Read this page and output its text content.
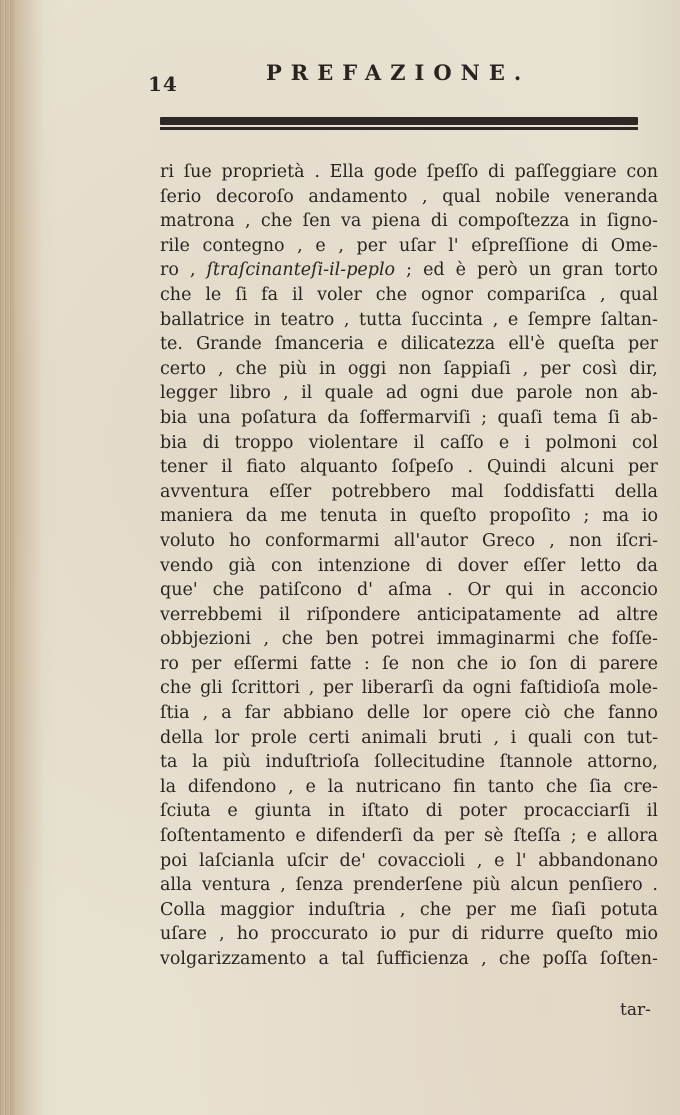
14	PREFAZIONE.
ri ſue proprietà . Ella gode ſpeſſo di paſſeggiare con
ſerio decoroſo andamento , qual nobile veneranda
matrona , che ſen va piena di compoſtezza in ſigno-
rile contegno , e , per uſar l' eſpreſſione di Ome-
ro , ſtraſcinanteſi-il-peplo ; ed è però un gran torto
che le ſi fa il voler che ognor compariſca , qual
ballatrice in teatro , tutta ſuccinta , e ſempre ſaltan-
te. Grande ſmanceria e dilicatezza ell'è queſta per
certo , che più in oggi non ſappiaſi , per così dir,
legger libro , il quale ad ogni due parole non ab-
bia una poſatura da ſoffermarviſi ; quaſi tema ſi ab-
bia di troppo violentare il caſſo e i polmoni col
tener il fiato alquanto ſoſpeſo . Quindi alcuni per
avventura eſſer potrebbero mal ſoddisfatti della
maniera da me tenuta in queſto propoſito ; ma io
voluto ho conformarmi all'autor Greco , non iſcri-
vendo già con intenzione di dover eſſer letto da
que' che patiſcono d' aſma . Or qui in acconcio
verrebbemi il riſpondere anticipatamente ad altre
obbjezioni , che ben potrei immaginarmi che foſſe-
ro per eſſermi fatte : ſe non che io ſon di parere
che gli ſcrittori , per liberarſi da ogni faſtidioſa mole-
ſtia , a far abbiano delle lor opere ciò che fanno
della lor prole certi animali bruti , i quali con tut-
ta la più induſtrioſa ſollecitudine ſtannole attorno,
la difendono , e la nutricano fin tanto che ſia cre-
ſciuta e giunta in iſtato di poter procacciarſi il
ſoſtentamento e difenderſi da per sè ſteſſa ; e allora
poi laſcianla uſcir de' covaccioli , e l' abbandonano
alla ventura , ſenza prenderſene più alcun penſiero .
Colla maggior induſtria , che per me ſiaſi potuta
uſare , ho proccurato io pur di ridurre queſto mio
volgarizzamento a tal ſufficienza , che poſſa ſoſten-
tar-
